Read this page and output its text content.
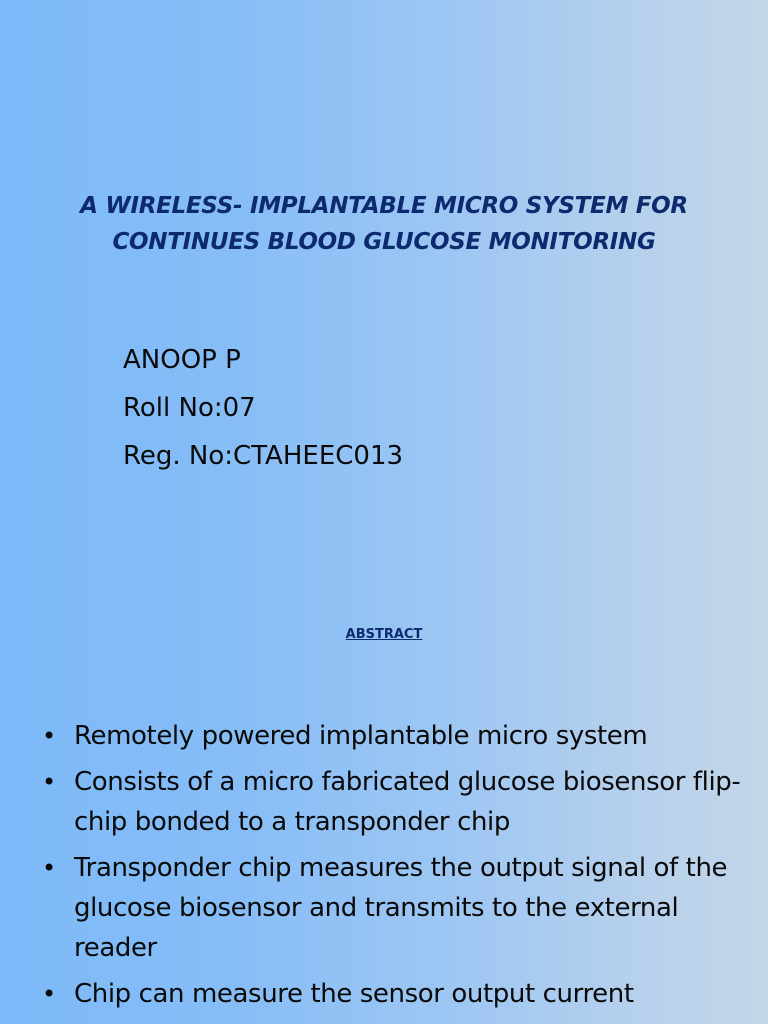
A WIRELESS- IMPLANTABLE MICRO SYSTEM FOR
CONTINUES BLOOD GLUCOSE MONITORING
ANOOP P
Roll No:07
Reg. No:CTAHEEC013
ABSTRACT
• Remotely powered implantable micro system
• Consists of a micro fabricated glucose biosensor flip-chip bonded to a transponder chip
• Transponder chip measures the output signal of the glucose biosensor and transmits to the external reader
• Chip can measure the sensor output current
